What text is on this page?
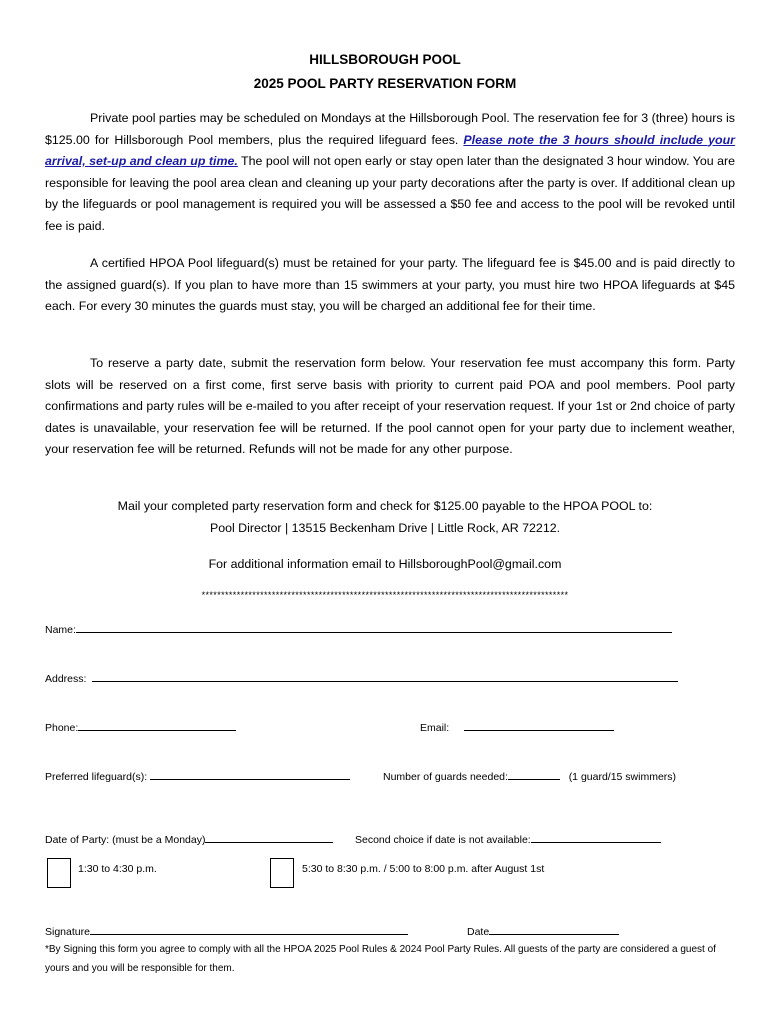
HILLSBOROUGH POOL
2025 POOL PARTY RESERVATION FORM
Private pool parties may be scheduled on Mondays at the Hillsborough Pool. The reservation fee for 3 (three) hours is $125.00 for Hillsborough Pool members, plus the required lifeguard fees. Please note the 3 hours should include your arrival, set-up and clean up time. The pool will not open early or stay open later than the designated 3 hour window. You are responsible for leaving the pool area clean and cleaning up your party decorations after the party is over. If additional clean up by the lifeguards or pool management is required you will be assessed a $50 fee and access to the pool will be revoked until fee is paid.
A certified HPOA Pool lifeguard(s) must be retained for your party. The lifeguard fee is $45.00 and is paid directly to the assigned guard(s). If you plan to have more than 15 swimmers at your party, you must hire two HPOA lifeguards at $45 each. For every 30 minutes the guards must stay, you will be charged an additional fee for their time.
To reserve a party date, submit the reservation form below. Your reservation fee must accompany this form. Party slots will be reserved on a first come, first serve basis with priority to current paid POA and pool members. Pool party confirmations and party rules will be e-mailed to you after receipt of your reservation request. If your 1st or 2nd choice of party dates is unavailable, your reservation fee will be returned. If the pool cannot open for your party due to inclement weather, your reservation fee will be returned. Refunds will not be made for any other purpose.
Mail your completed party reservation form and check for $125.00 payable to the HPOA POOL to:
Pool Director | 13515 Beckenham Drive | Little Rock, AR 72212.
For additional information email to HillsboroughPool@gmail.com
**********************************************************************************************
Name:
Address:
Phone:	Email:
Preferred lifeguard(s):	Number of guards needed:	(1 guard/15 swimmers)
Date of Party: (must be a Monday)	Second choice if date is not available:
1:30 to 4:30 p.m.	5:30 to 8:30 p.m. / 5:00 to 8:00 p.m. after August 1st
Signature	Date
*By Signing this form you agree to comply with all the HPOA 2025 Pool Rules & 2024 Pool Party Rules. All guests of the party are considered a guest of yours and you will be responsible for them.
